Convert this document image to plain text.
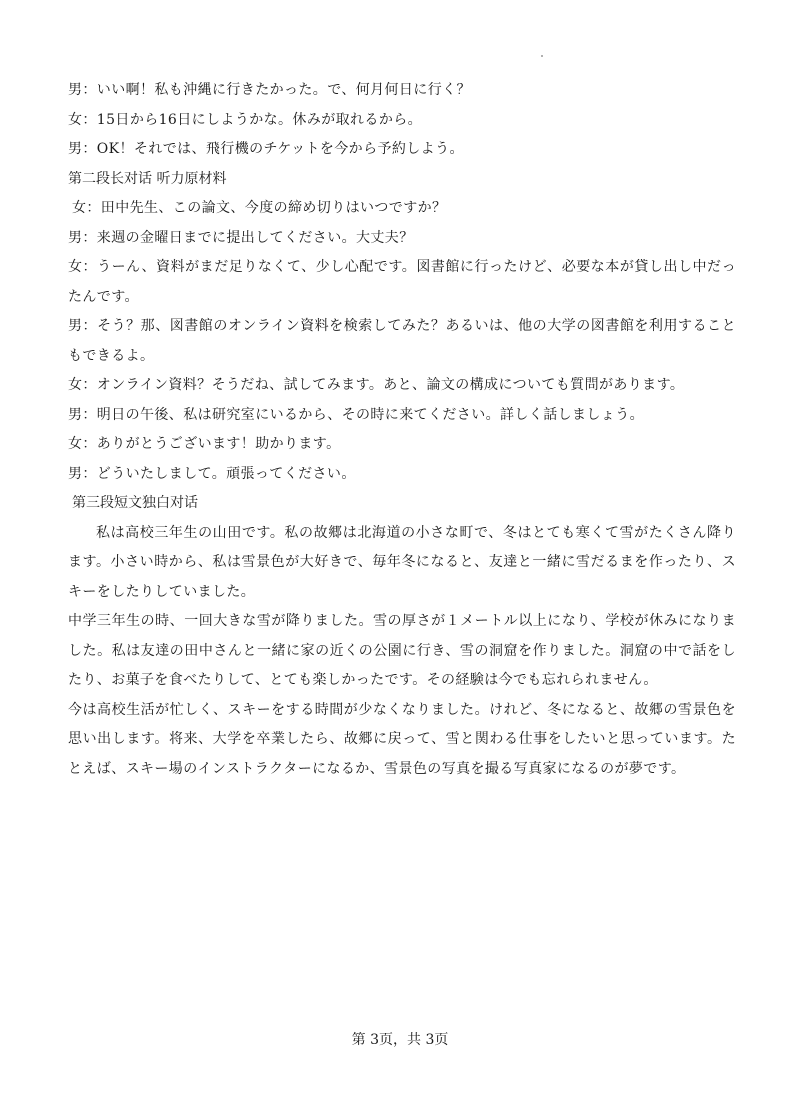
男：いい啊！私も沖縄に行きたかった。で、何月何日に行く？
女：15日から16日にしようかな。休みが取れるから。
男：OK！それでは、飛行機のチケットを今から予約しよう。
第二段长对话 听力原材料
女：田中先生、この論文、今度の締め切りはいつですか？
男：来週の金曜日までに提出してください。大丈夫？
女：うーん、資料がまだ足りなくて、少し心配です。図書館に行ったけど、必要な本が貸し出し中だったんです。
男：そう？那、図書館のオンライン資料を検索してみた？あるいは、他の大学の図書館を利用することもできるよ。
女：オンライン資料？そうだね、試してみます。あと、論文の構成についても質問があります。
男：明日の午後、私は研究室にいるから、その時に来てください。詳しく話しましょう。
女：ありがとうございます！助かります。
男：どういたしまして。頑張ってください。
第三段短文独白对话
私は高校三年生の山田です。私の故郷は北海道の小さな町で、冬はとても寒くて雪がたくさん降ります。小さい時から、私は雪景色が大好きで、毎年冬になると、友達と一緒に雪だるまを作ったり、スキーをしたりしていました。
中学三年生の時、一回大きな雪が降りました。雪の厚さが１メートル以上になり、学校が休みになりました。私は友達の田中さんと一緒に家の近くの公園に行き、雪の洞窟を作りました。洞窟の中で話をしたり、お菓子を食べたりして、とても楽しかったです。その経験は今でも忘れられません。
今は高校生活が忙しく、スキーをする時間が少なくなりました。けれど、冬になると、故郷の雪景色を思い出します。将来、大学を卒業したら、故郷に戻って、雪と関わる仕事をしたいと思っています。たとえば、スキー場のインストラクターになるか、雪景色の写真を撮る写真家になるのが夢です。
第 3页，共 3页
